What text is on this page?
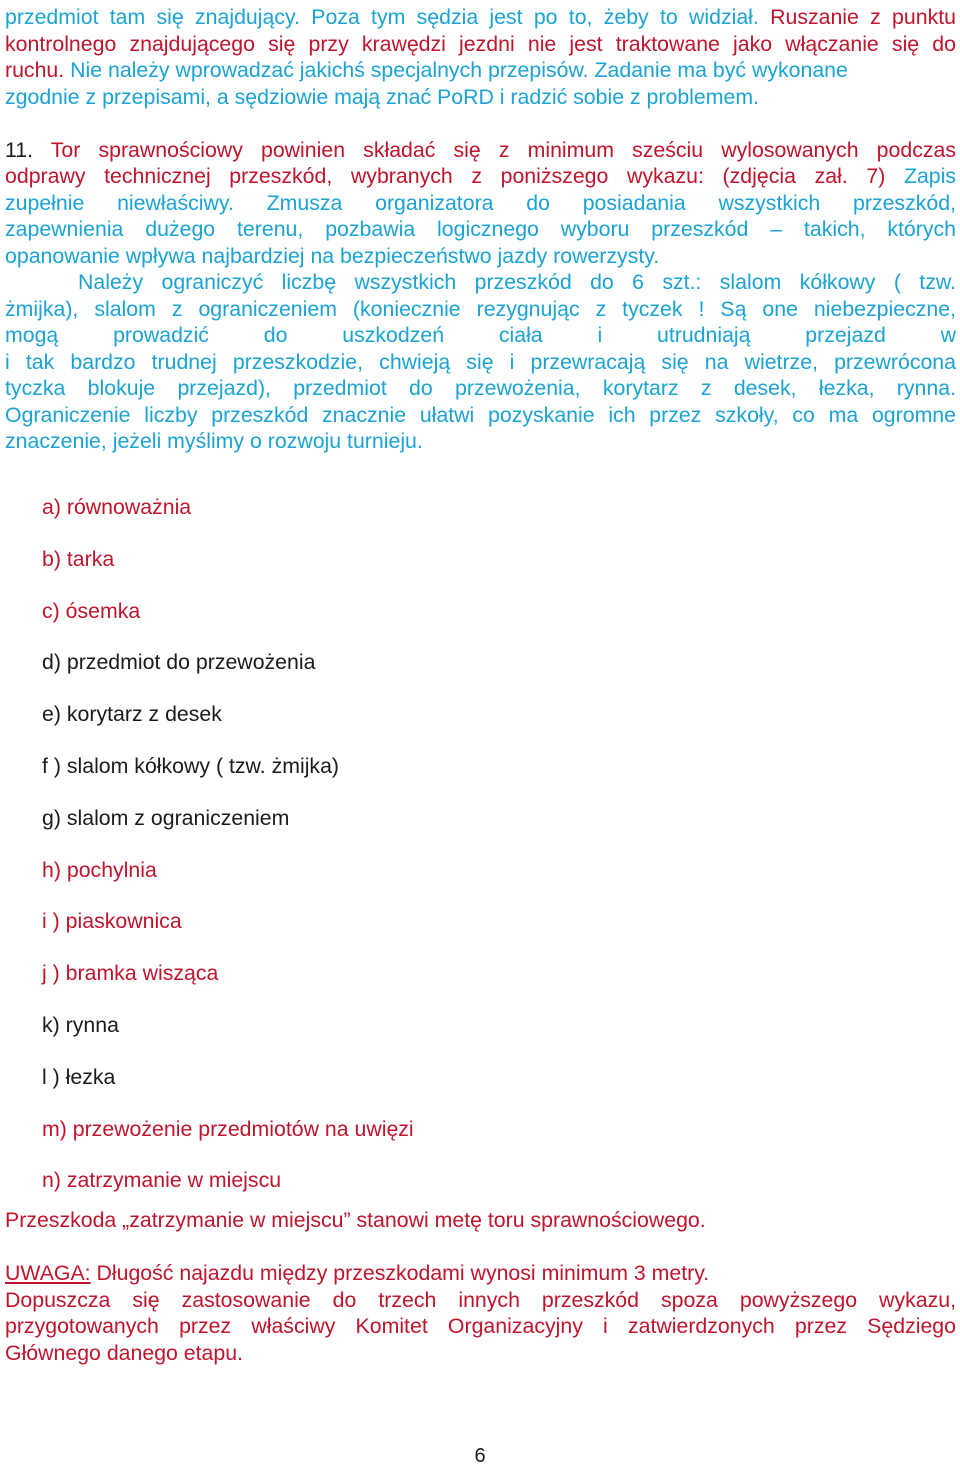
przedmiot tam się znajdujący. Poza tym sędzia jest po to, żeby to widział. Ruszanie z punktu

kontrolnego znajdującego się przy krawędzi jezdni nie jest traktowane jako włączanie się do

ruchu. Nie należy wprowadzać jakichś specjalnych przepisów. Zadanie ma być wykonane

zgodnie z przepisami, a sędziowie mają znać PoRD i radzić sobie z problemem.

11. Tor sprawnościowy powinien składać się z minimum sześciu wylosowanych podczas

odprawy technicznej przeszkód, wybranych z poniższego wykazu: (zdjęcia zał. 7) Zapis

zupełnie niewłaściwy. Zmusza organizatora do posiadania wszystkich przeszkód,

zapewnienia dużego terenu, pozbawia logicznego wyboru przeszkód – takich, których

opanowanie wpływa najbardziej na bezpieczeństwo jazdy rowerzysty.

Należy ograniczyć liczbę wszystkich przeszkód do 6 szt.: slalom kółkowy ( tzw.

żmijka), slalom z ograniczeniem (koniecznie rezygnując z tyczek ! Są one niebezpieczne,

mogą prowadzić do uszkodzeń ciała i utrudniają przejazd w

i tak bardzo trudnej przeszkodzie, chwieją się i przewracają się na wietrze, przewrócona

tyczka blokuje przejazd), przedmiot do przewożenia, korytarz z desek, łezka, rynna.

Ograniczenie liczby przeszkód znacznie ułatwi pozyskanie ich przez szkoły, co ma ogromne

znaczenie, jeżeli myślimy o rozwoju turnieju.

a) równoważnia
b) tarka
c) ósemka
d) przedmiot do przewożenia
e) korytarz z desek
f ) slalom kółkowy ( tzw. żmijka)
g) slalom z ograniczeniem
h) pochylnia
i ) piaskownica
j ) bramka wisząca
k) rynna
l ) łezka
m) przewożenie przedmiotów na uwięzi
n) zatrzymanie w miejscu

Przeszkoda „zatrzymanie w miejscu” stanowi metę toru sprawnościowego.

UWAGA: Długość najazdu między przeszkodami wynosi minimum 3 metry.

Dopuszcza się zastosowanie do trzech innych przeszkód spoza powyższego wykazu,

przygotowanych przez właściwy Komitet Organizacyjny i zatwierdzonych przez Sędziego

Głównego danego etapu.

6
